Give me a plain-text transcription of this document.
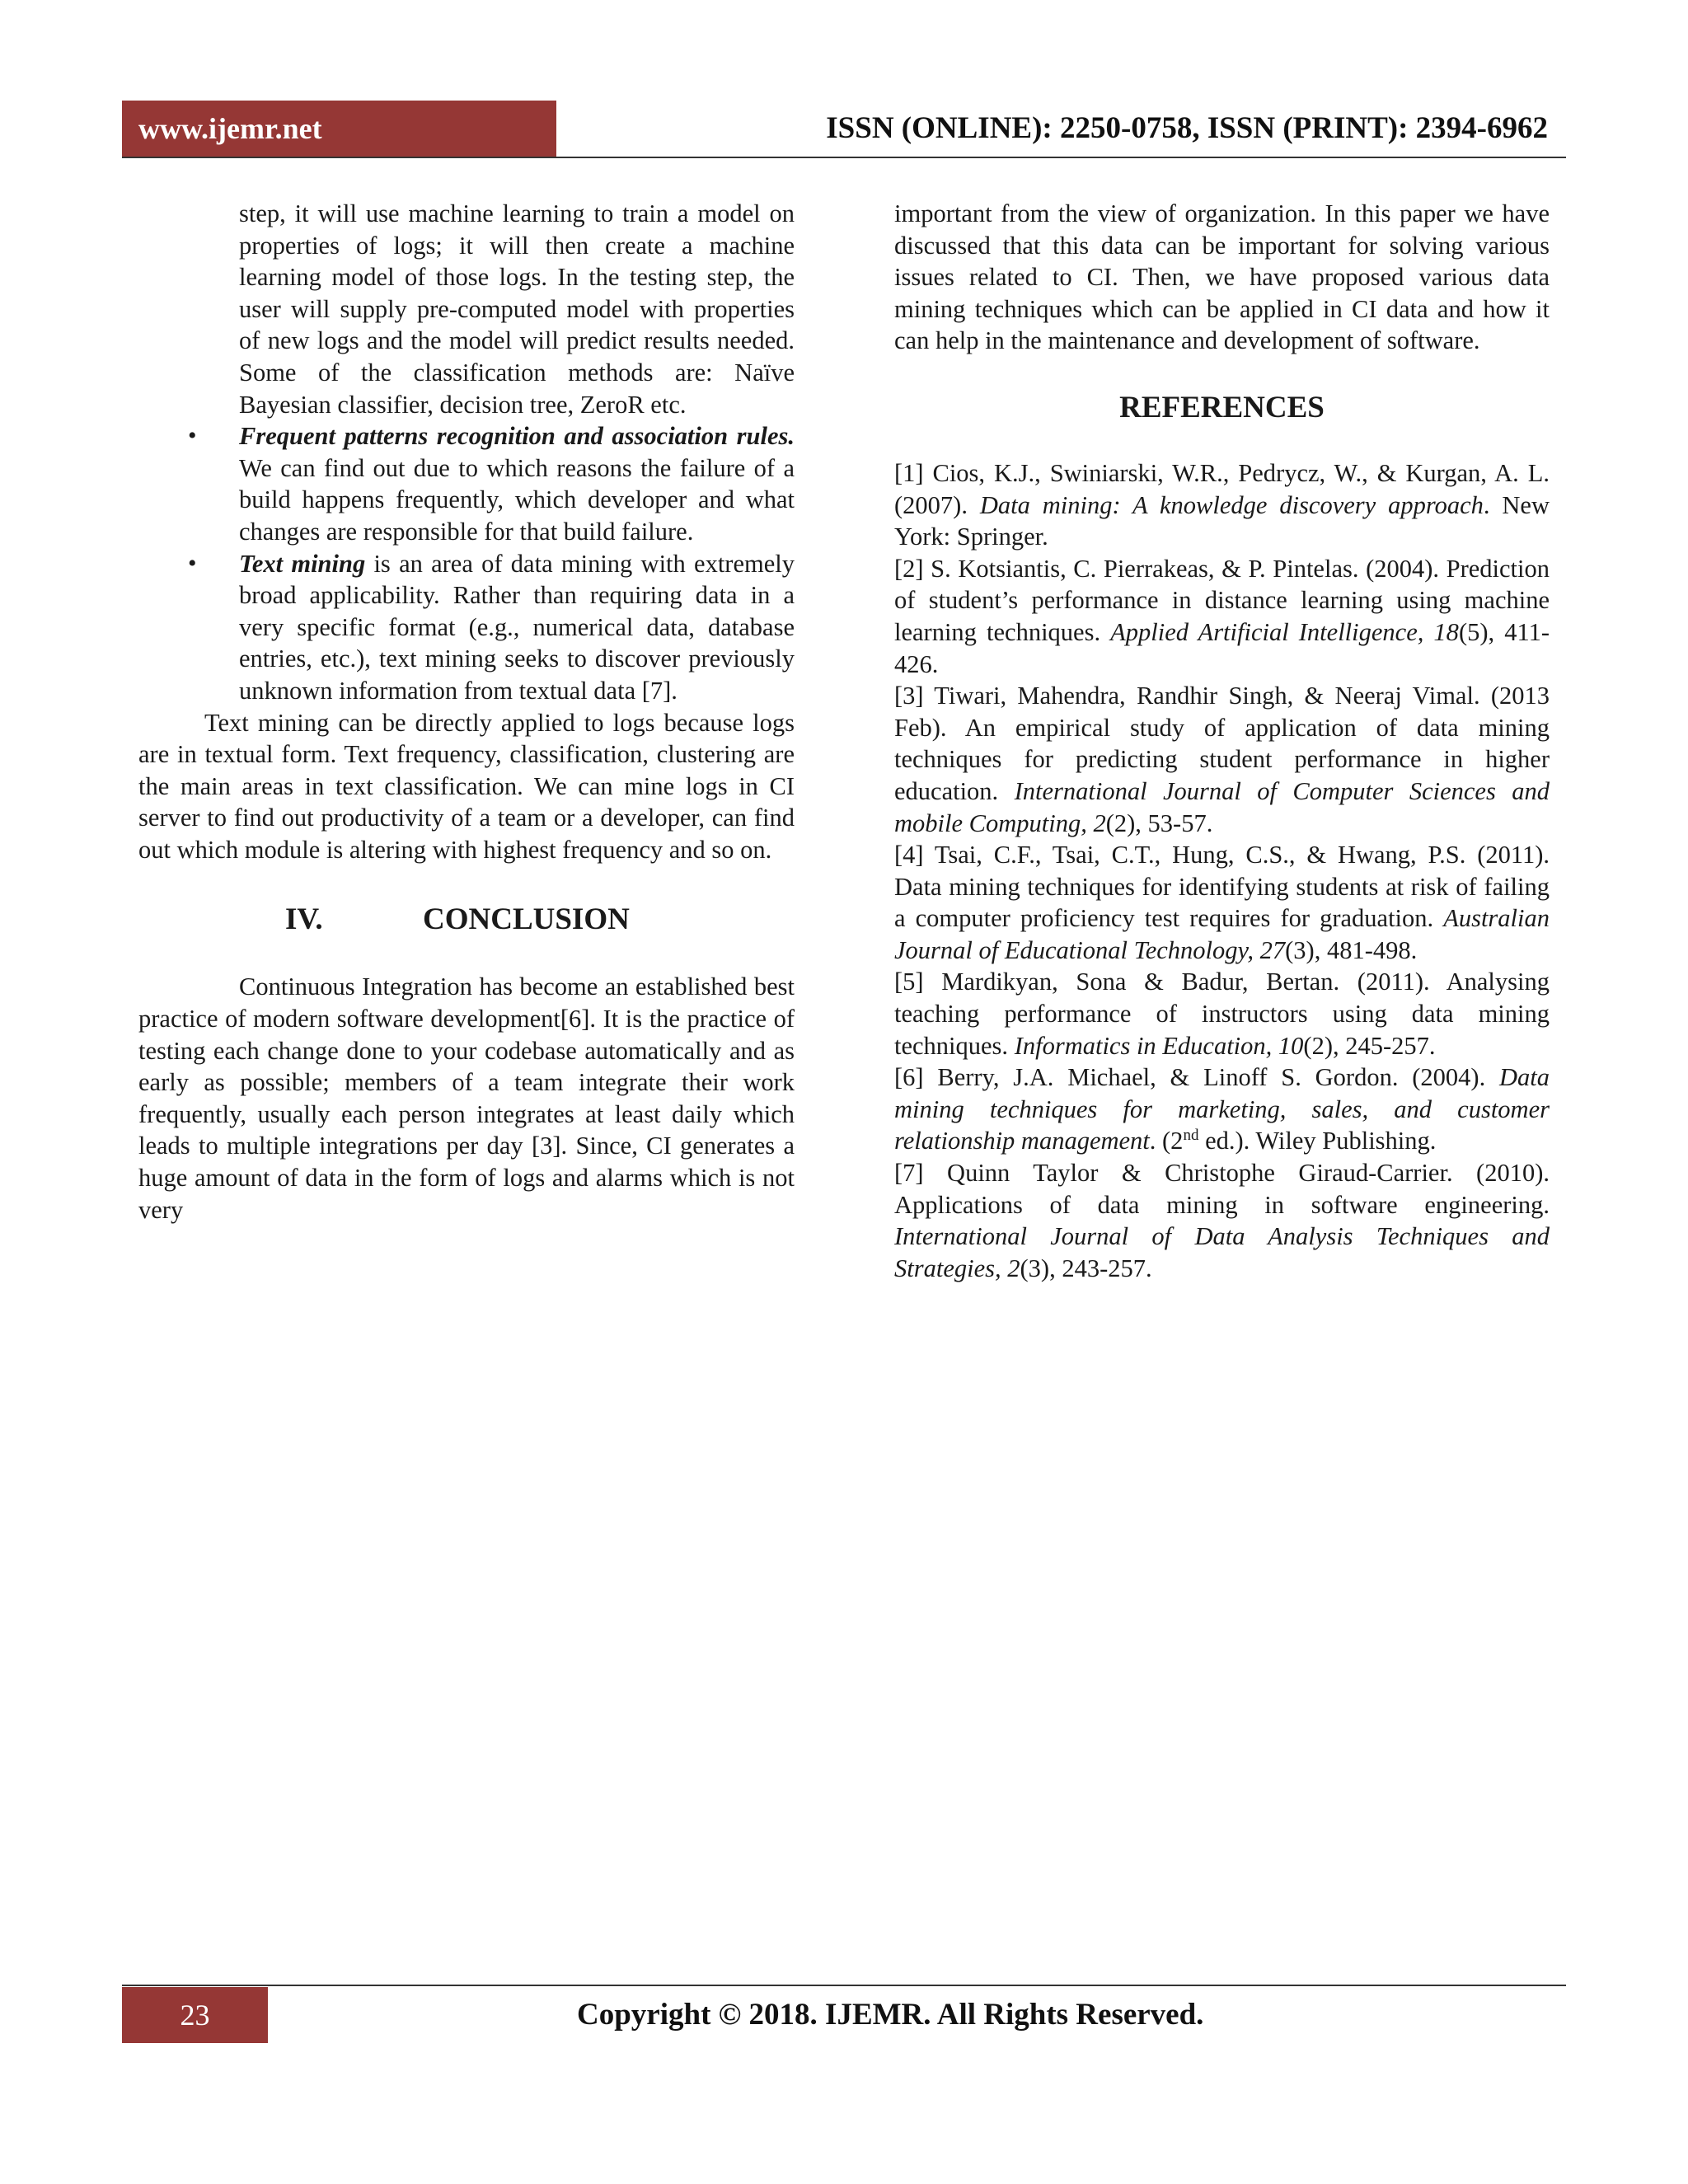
www.ijemr.net	ISSN (ONLINE): 2250-0758, ISSN (PRINT): 2394-6962

step, it will use machine learning to train a model on properties of logs; it will then create a machine learning model of those logs. In the testing step, the user will supply pre-computed model with properties of new logs and the model will predict results needed. Some of the classification methods are: Naïve Bayesian classifier, decision tree, ZeroR etc.

• Frequent patterns recognition and association rules. We can find out due to which reasons the failure of a build happens frequently, which developer and what changes are responsible for that build failure.
• Text mining is an area of data mining with extremely broad applicability. Rather than requiring data in a very specific format (e.g., numerical data, database entries, etc.), text mining seeks to discover previously unknown information from textual data [7].

Text mining can be directly applied to logs because logs are in textual form. Text frequency, classification, clustering are the main areas in text classification. We can mine logs in CI server to find out productivity of a team or a developer, can find out which module is altering with highest frequency and so on.

IV.	CONCLUSION

Continuous Integration has become an established best practice of modern software development[6]. It is the practice of testing each change done to your codebase automatically and as early as possible; members of a team integrate their work frequently, usually each person integrates at least daily which leads to multiple integrations per day [3]. Since, CI generates a huge amount of data in the form of logs and alarms which is not very

important from the view of organization. In this paper we have discussed that this data can be important for solving various issues related to CI. Then, we have proposed various data mining techniques which can be applied in CI data and how it can help in the maintenance and development of software.

REFERENCES

[1] Cios, K.J., Swiniarski, W.R., Pedrycz, W., & Kurgan, A. L. (2007). Data mining: A knowledge discovery approach. New York: Springer.

[2] S. Kotsiantis, C. Pierrakeas, & P. Pintelas. (2004). Prediction of student’s performance in distance learning using machine learning techniques. Applied Artificial Intelligence, 18(5), 411-426.

[3] Tiwari, Mahendra, Randhir Singh, & Neeraj Vimal. (2013 Feb). An empirical study of application of data mining techniques for predicting student performance in higher education. International Journal of Computer Sciences and mobile Computing, 2(2), 53-57.

[4] Tsai, C.F., Tsai, C.T., Hung, C.S., & Hwang, P.S. (2011). Data mining techniques for identifying students at risk of failing a computer proficiency test requires for graduation. Australian Journal of Educational Technology, 27(3), 481-498.

[5] Mardikyan, Sona & Badur, Bertan. (2011). Analysing teaching performance of instructors using data mining techniques. Informatics in Education, 10(2), 245-257.

[6] Berry, J.A. Michael, & Linoff S. Gordon. (2004). Data mining techniques for marketing, sales, and customer relationship management. (2nd ed.). Wiley Publishing.

[7] Quinn Taylor & Christophe Giraud-Carrier. (2010). Applications of data mining in software engineering. International Journal of Data Analysis Techniques and Strategies, 2(3), 243-257.

23	Copyright © 2018. IJEMR. All Rights Reserved.
